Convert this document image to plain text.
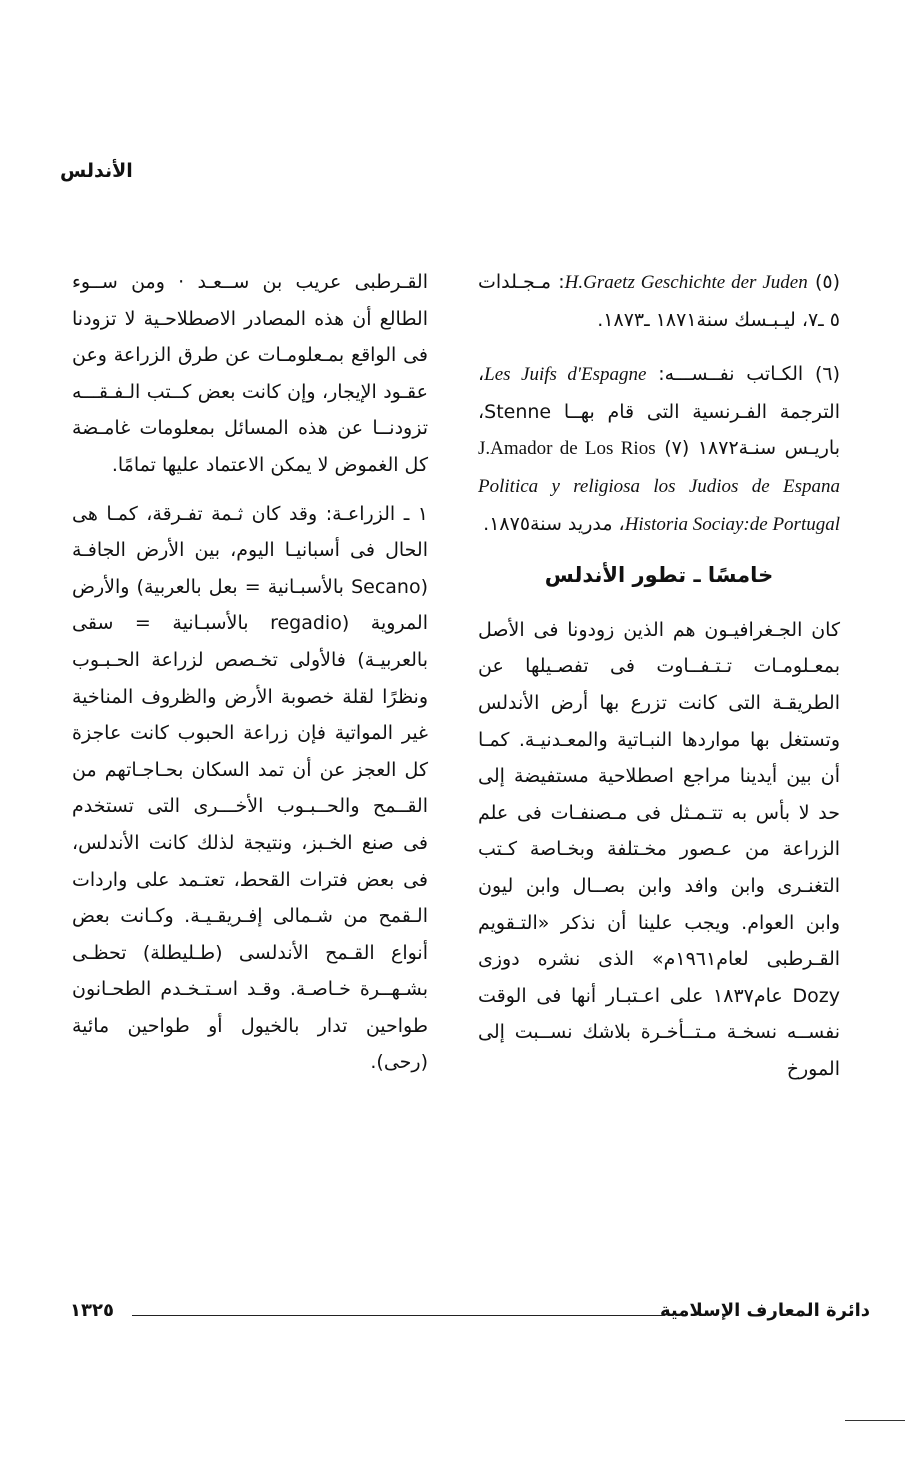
الأندلس

(٥) H.Graetz Geschichte der Juden: مـجـلدات ٥ ـ٧، ليـبـسك سنة١٨٧١ ـ١٨٧٣.

(٦) الكـاتب نفــســـه: Les Juifs d'Espagne، الترجمة الفـرنسية التى قام بهــا Stenne، باريـس سنـة١٨٧٢ (٧) J.Amador de Los Rios Politica y religiosa los Judios de Espana Historia Sociay:de Portugal، مدريد سنة١٨٧٥.

خامسًا ـ تطور الأندلس

كان الجـغرافيـون هم الذين زودونا فى الأصل بمعـلومـات تـتـفــاوت فى تفصـيلها عن الطريقـة التى كانت تزرع بها أرض الأندلس وتستغل بها مواردها النبـاتية والمعـدنيـة. كمـا أن بين أيدينا مراجع اصطلاحية مستفيضة إلى حد لا بأس به تتـمـثل فى مـصنفـات فى علم الزراعة من عـصور مخـتلفة وبخـاصة كـتب التغنـرى وابن وافد وابن بصــال وابن ليون وابن العوام. ويجب علينا أن نذكر «التـقويم القـرطبى لعام١٩٦١م» الذى نشره دوزى Dozy عام١٨٣٧ على اعـتبـار أنها فى الوقت نفســه نسخـة مـتــأخـرة بلاشك نســبت إلى المورخ

القـرطبى عريب بن ســعـد · ومن ســوء الطالع أن هذه المصادر الاصطلاحـية لا تزودنا فى الواقع بمـعلومـات عن طرق الزراعة وعن عقـود الإيجار، وإن كانت بعض كــتب الـفـقـــه تزودنــا عن هذه المسائل بمعلومات غامـضة كل الغموض لا يمكن الاعتماد عليها تمامًا.

١ ـ الزراعـة: وقد كان ثـمة تفـرقة، كمـا هى الحال فى أسبانيـا اليوم، بين الأرض الجافـة (Secano بالأسبـانية = بعل بالعربية) والأرض المروية (regadio بالأسبـانية = سقى بالعربيـة) فالأولى تخـصص لزراعة الحـبـوب ونظرًا لقلة خصوبة الأرض والظروف المناخية غير المواتية فإن زراعة الحبوب كانت عاجزة كل العجز عن أن تمد السكان بحـاجـاتهم من القــمح والحــبـوب الأخـــرى التى تستخدم فى صنع الخـبز، ونتيجة لذلك كانت الأندلس، فى بعض فترات القحط، تعتـمد على واردات الـقمح من شـمالى إفـريقـيـة. وكـانت بعض أنواع القـمح الأندلسى (طـليطلة) تحظـى بشـهــرة خـاصـة. وقـد اسـتـخـدم الطحـانون طواحين تدار بالخيول أو طواحين مائية (رحى).

دائرة المعارف الإسلامية
١٣٢٥
